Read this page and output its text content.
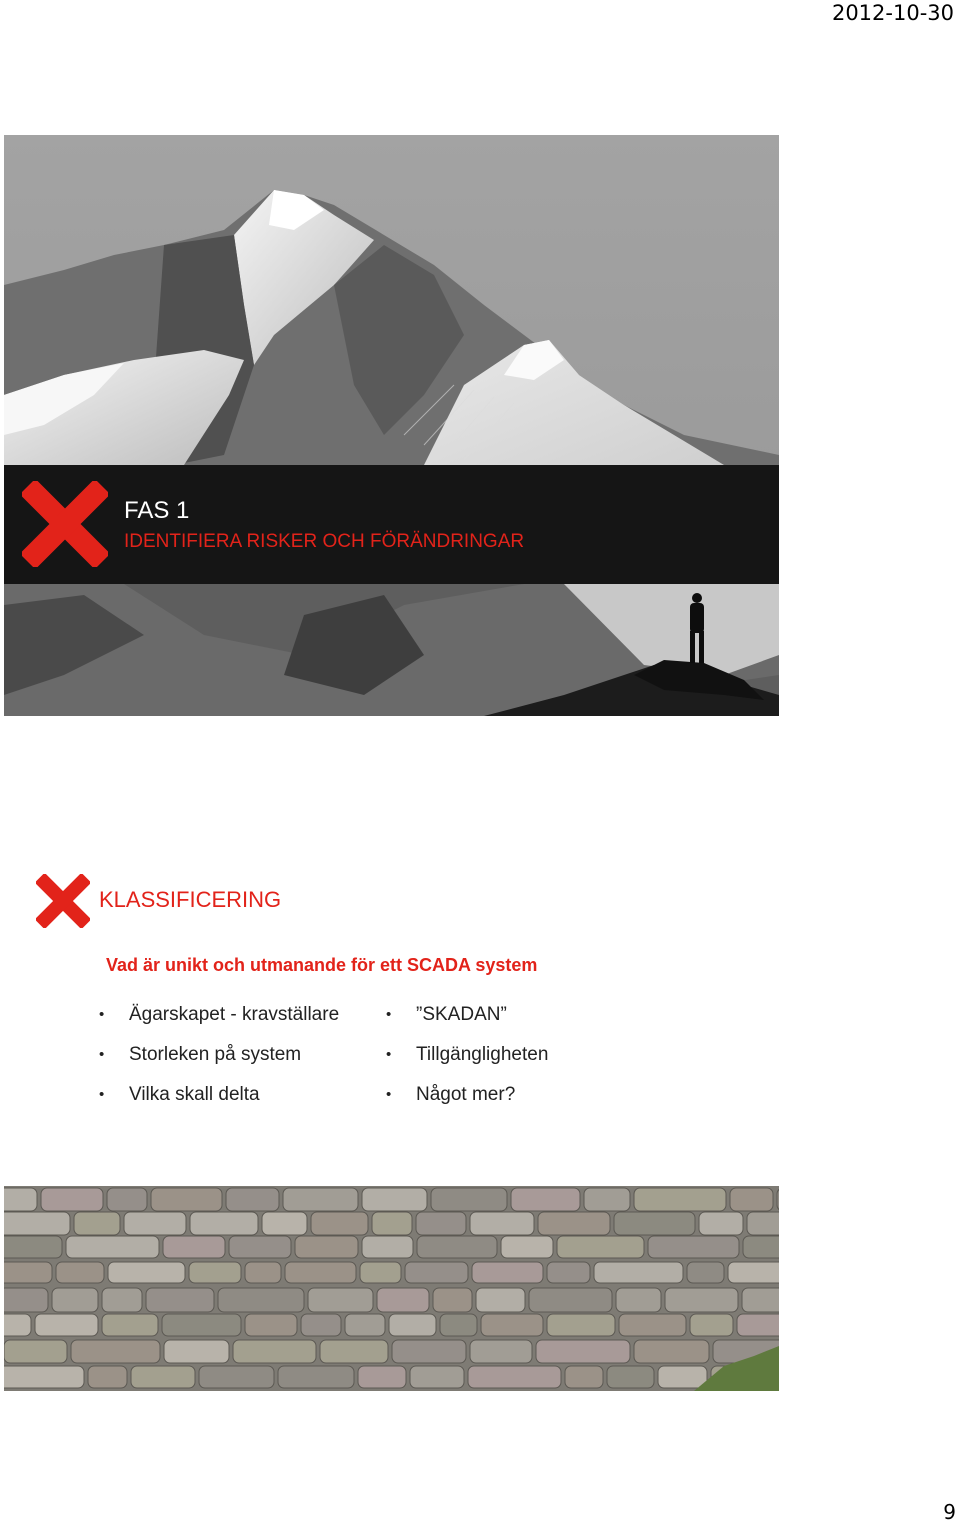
2012-10-30
FAS 1
IDENTIFIERA RISKER OCH FÖRÄNDRINGAR
KLASSIFICERING
Vad är unikt och utmanande för ett SCADA system
• Ägarskapet - kravställare
• Storleken på system
• Vilka skall delta
• ”SKADAN”
• Tillgängligheten
• Något mer?
9
